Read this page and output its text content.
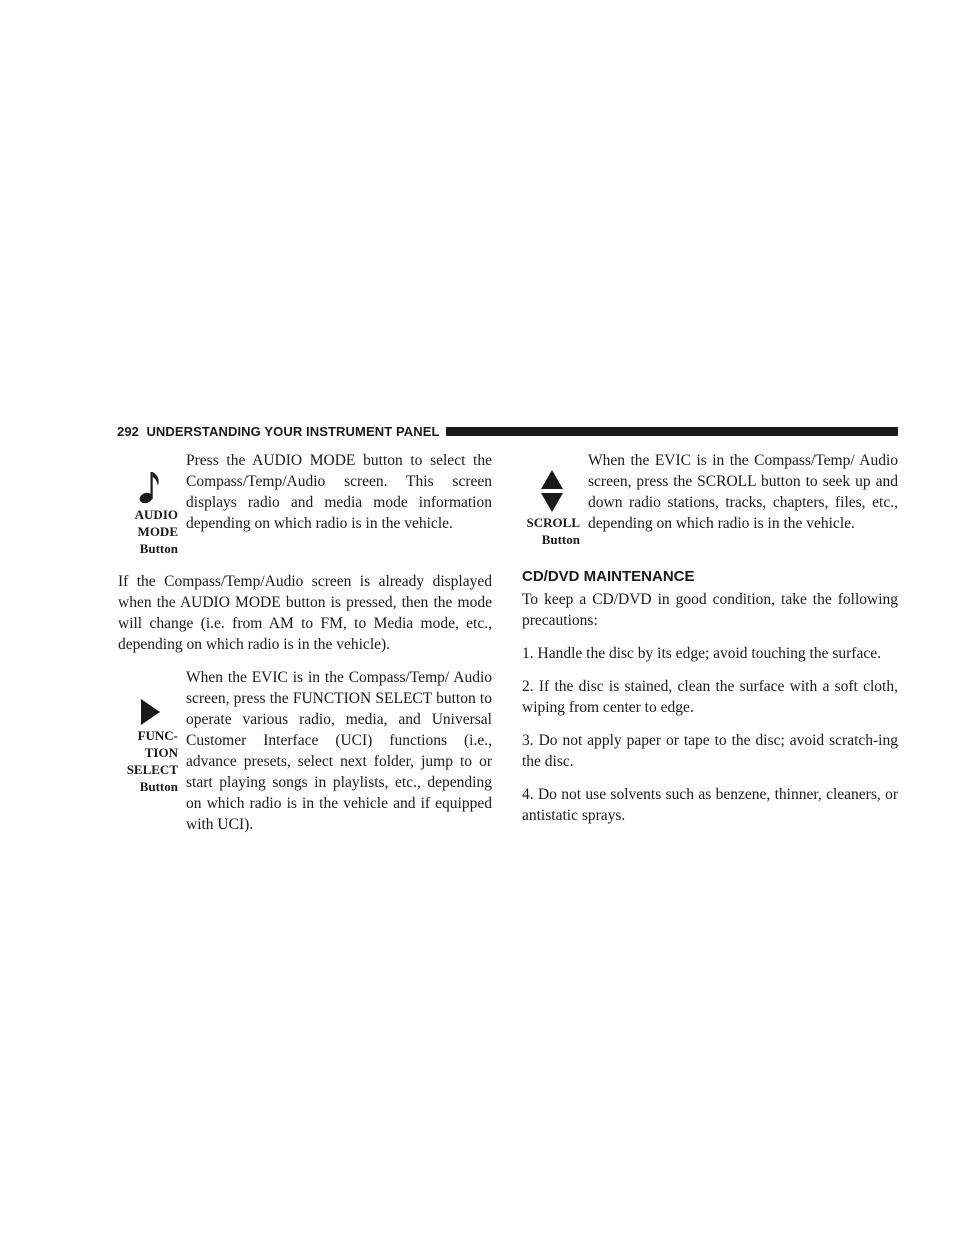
292 UNDERSTANDING YOUR INSTRUMENT PANEL
AUDIO
MODE
Button
Press the AUDIO MODE button to select the Compass/Temp/Audio screen. This screen displays radio and media mode information depending on which radio is in the vehicle.

If the Compass/Temp/Audio screen is already displayed when the AUDIO MODE button is pressed, then the mode will change (i.e. from AM to FM, to Media mode, etc., depending on which radio is in the vehicle).

FUNC-
TION
SELECT
Button
When the EVIC is in the Compass/Temp/ Audio screen, press the FUNCTION SELECT button to operate various radio, media, and Universal Customer Interface (UCI) functions (i.e., advance presets, select next folder, jump to or start playing songs in playlists, etc., depending on which radio is in the vehicle and if equipped with UCI).
SCROLL
Button
When the EVIC is in the Compass/Temp/ Audio screen, press the SCROLL button to seek up and down radio stations, tracks, chapters, files, etc., depending on which radio is in the vehicle.
CD/DVD MAINTENANCE

To keep a CD/DVD in good condition, take the following precautions:

1. Handle the disc by its edge; avoid touching the surface.

2. If the disc is stained, clean the surface with a soft cloth, wiping from center to edge.

3. Do not apply paper or tape to the disc; avoid scratch-ing the disc.

4. Do not use solvents such as benzene, thinner, cleaners, or antistatic sprays.
